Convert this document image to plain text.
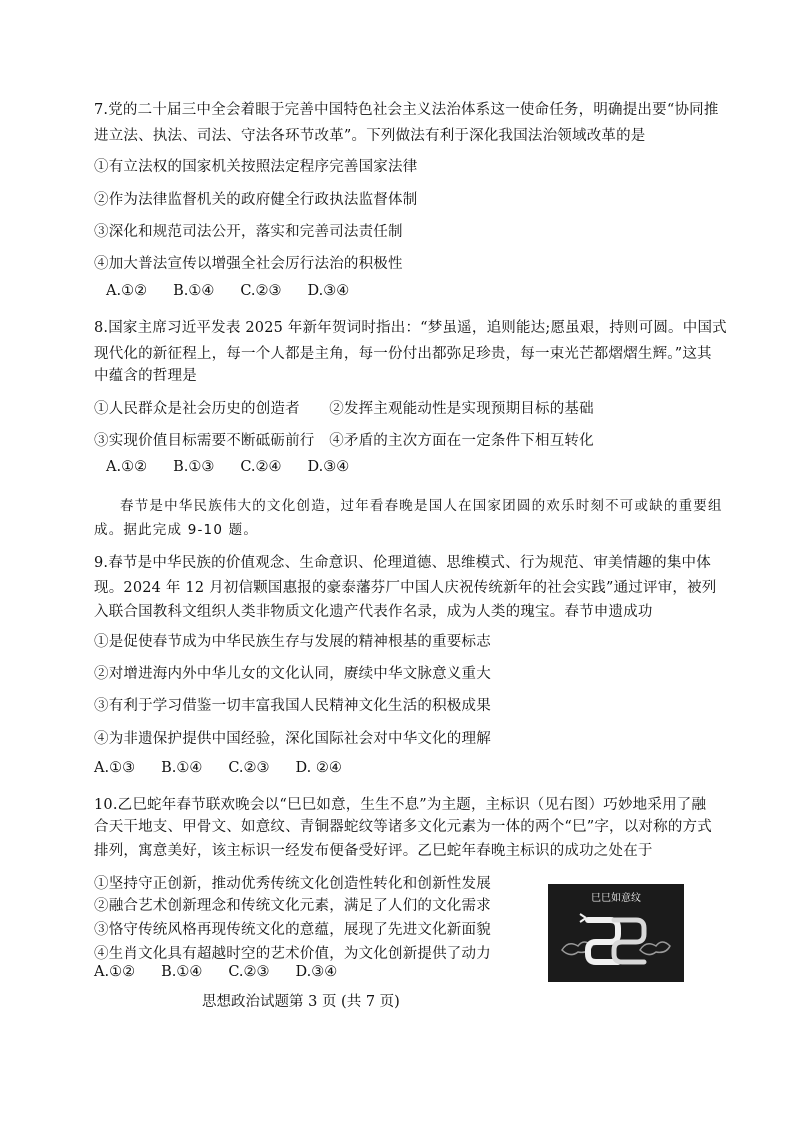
7.党的二十届三中全会着眼于完善中国特色社会主义法治体系这一使命任务，明确提出要“协同推
进立法、执法、司法、守法各环节改革”。下列做法有利于深化我国法治领域改革的是
①有立法权的国家机关按照法定程序完善国家法律
②作为法律监督机关的政府健全行政执法监督体制
③深化和规范司法公开，落实和完善司法责任制
④加大普法宣传以增强全社会厉行法治的积极性
A.①② B.①④ C.②③ D.③④
8.国家主席习近平发表 2025 年新年贺词时指出：“梦虽遥，追则能达;愿虽艰，持则可圆。中国式
现代化的新征程上，每一个人都是主角，每一份付出都弥足珍贵，每一束光芒都熠熠生辉。”这其
中蕴含的哲理是
①人民群众是社会历史的创造者　　②发挥主观能动性是实现预期目标的基础
③实现价值目标需要不断砥砺前行　④矛盾的主次方面在一定条件下相互转化
A.①② B.①③ C.②④ D.③④
春节是中华民族伟大的文化创造，过年看春晚是国人在国家团圆的欢乐时刻不可或缺的重要组
成。据此完成 9-10 题。
9.春节是中华民族的价值观念、生命意识、伦理道德、思维模式、行为规范、审美情趣的集中体
现。2024 年 12 月初信颗国惠报的豪泰藩芬厂中国人庆祝传统新年的社会实践”通过评审，被列
入联合国教科文组织人类非物质文化遗产代表作名录，成为人类的瑰宝。春节申遗成功
①是促使春节成为中华民族生存与发展的精神根基的重要标志
②对增进海内外中华儿女的文化认同，赓续中华文脉意义重大
③有利于学习借鉴一切丰富我国人民精神文化生活的积极成果
④为非遗保护提供中国经验，深化国际社会对中华文化的理解
A.①③ B.①④ C.②③ D. ②④
10.乙巳蛇年春节联欢晚会以“巳巳如意，生生不息”为主题，主标识（见右图）巧妙地采用了融
合天干地支、甲骨文、如意纹、青铜器蛇纹等诸多文化元素为一体的两个“巳”字，以对称的方式
排列，寓意美好，该主标识一经发布便备受好评。乙巳蛇年春晚主标识的成功之处在于
①坚持守正创新，推动优秀传统文化创造性转化和创新性发展
②融合艺术创新理念和传统文化元素，满足了人们的文化需求
③恪守传统风格再现传统文化的意蕴，展现了先进文化新面貌
④生肖文化具有超越时空的艺术价值，为文化创新提供了动力
A.①② B.①④ C.②③ D.③④
巳巳如意纹
思想政治试题第 3 页 (共 7 页)
